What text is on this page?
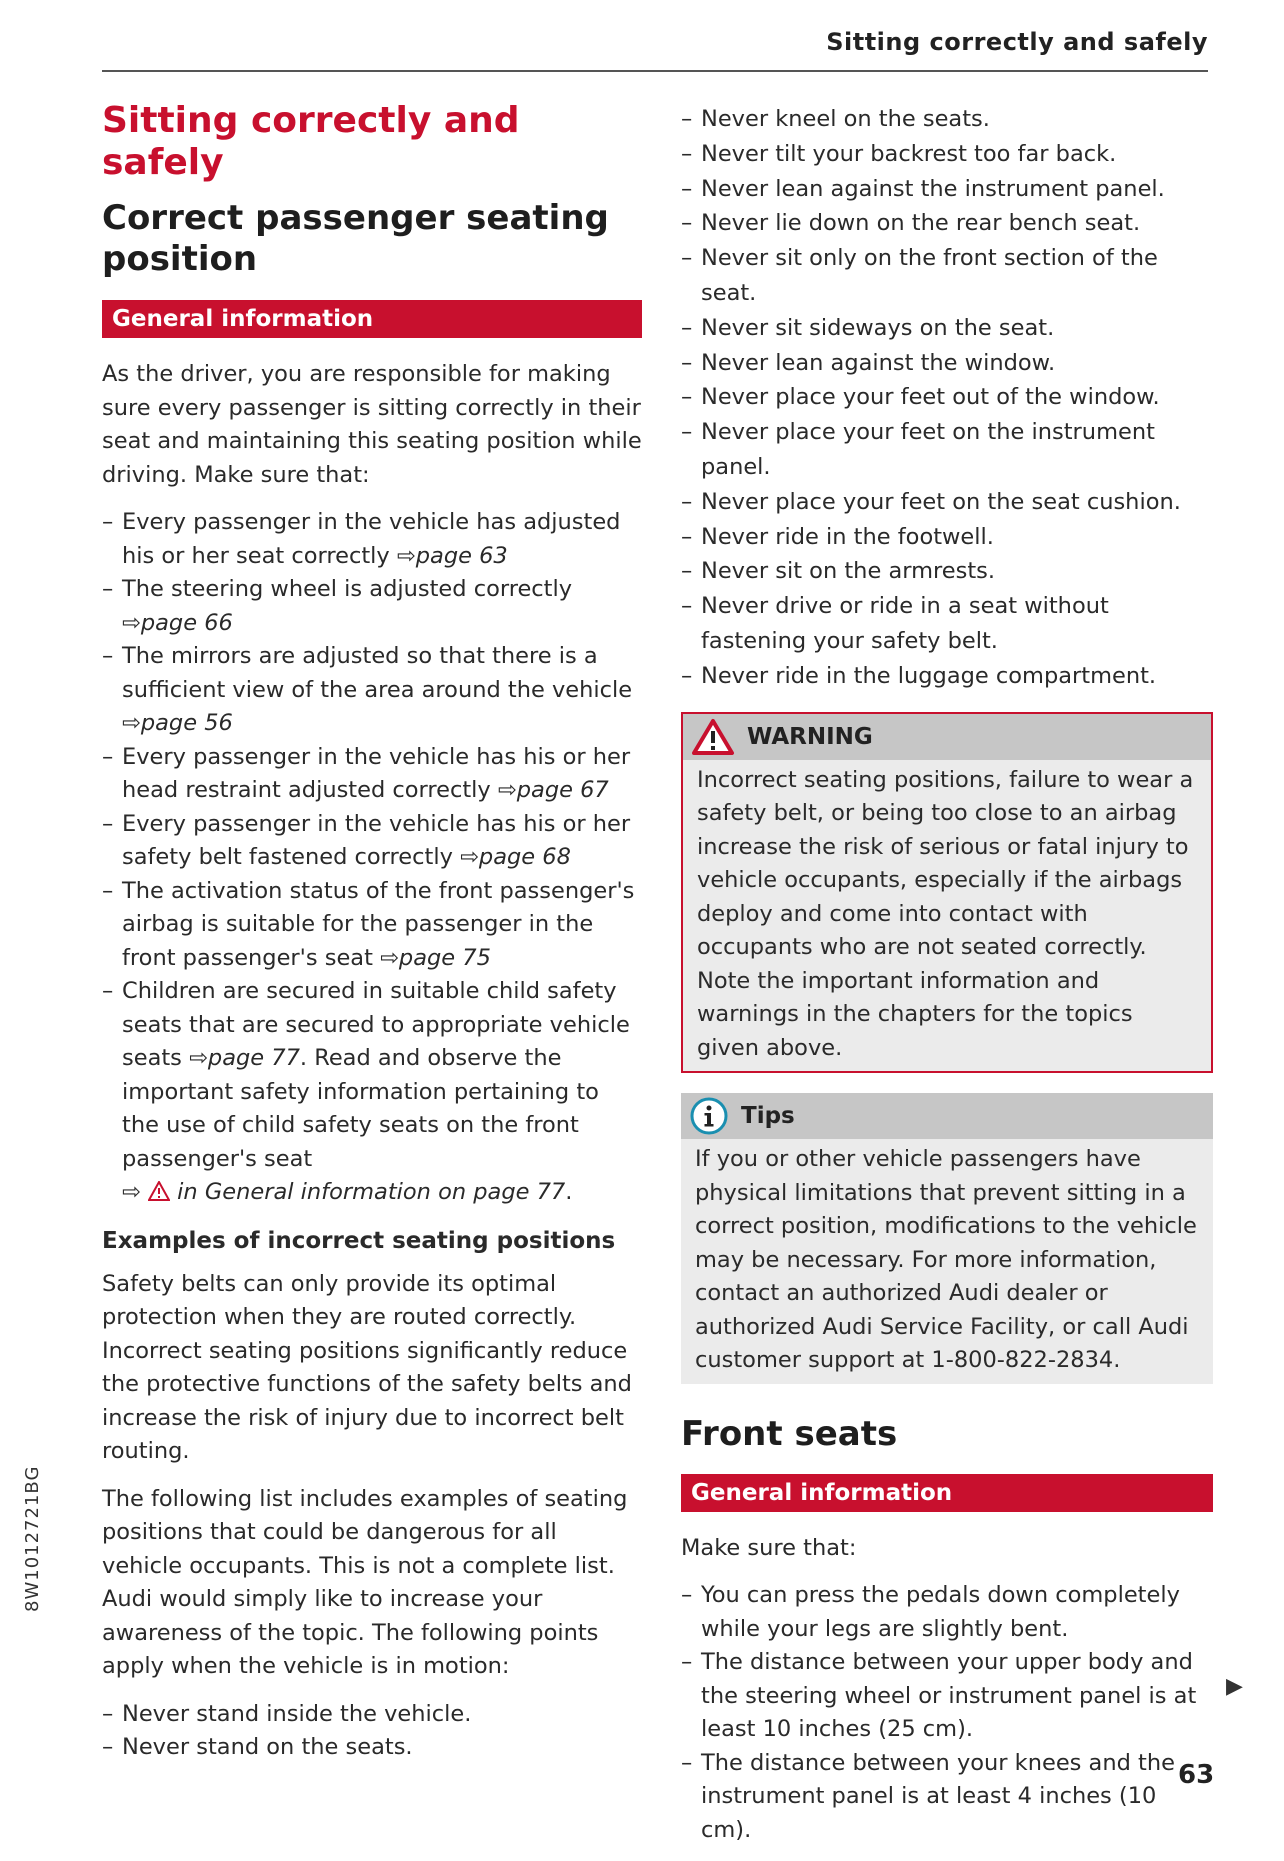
Sitting correctly and safely
Sitting correctly and safely
Correct passenger seating position
General information

As the driver, you are responsible for making sure every passenger is sitting correctly in their seat and maintaining this seating position while driving. Make sure that:

– Every passenger in the vehicle has adjusted his or her seat correctly ⇨page 63
– The steering wheel is adjusted correctly ⇨page 66
– The mirrors are adjusted so that there is a sufficient view of the area around the vehicle ⇨page 56
– Every passenger in the vehicle has his or her head restraint adjusted correctly ⇨page 67
– Every passenger in the vehicle has his or her safety belt fastened correctly ⇨page 68
– The activation status of the front passenger's airbag is suitable for the passenger in the front passenger's seat ⇨page 75
– Children are secured in suitable child safety seats that are secured to appropriate vehicle seats ⇨page 77. Read and observe the important safety information pertaining to the use of child safety seats on the front passenger's seat ⇨ in General information on page 77.
Examples of incorrect seating positions

Safety belts can only provide its optimal protection when they are routed correctly. Incorrect seating positions significantly reduce the protective functions of the safety belts and increase the risk of injury due to incorrect belt routing.

The following list includes examples of seating positions that could be dangerous for all vehicle occupants. This is not a complete list. Audi would simply like to increase your awareness of the topic. The following points apply when the vehicle is in motion:

– Never stand inside the vehicle.
– Never stand on the seats.
– Never kneel on the seats.
– Never tilt your backrest too far back.
– Never lean against the instrument panel.
– Never lie down on the rear bench seat.
– Never sit only on the front section of the seat.
– Never sit sideways on the seat.
– Never lean against the window.
– Never place your feet out of the window.
– Never place your feet on the instrument panel.
– Never place your feet on the seat cushion.
– Never ride in the footwell.
– Never sit on the armrests.
– Never drive or ride in a seat without fastening your safety belt.
– Never ride in the luggage compartment.
WARNING
Incorrect seating positions, failure to wear a safety belt, or being too close to an airbag increase the risk of serious or fatal injury to vehicle occupants, especially if the airbags deploy and come into contact with occupants who are not seated correctly. Note the important information and warnings in the chapters for the topics given above.
Tips
If you or other vehicle passengers have physical limitations that prevent sitting in a correct position, modifications to the vehicle may be necessary. For more information, contact an authorized Audi dealer or authorized Audi Service Facility, or call Audi customer support at 1-800-822-2834.
Front seats
General information

Make sure that:

– You can press the pedals down completely while your legs are slightly bent.
– The distance between your upper body and the steering wheel or instrument panel is at least 10 inches (25 cm).
– The distance between your knees and the instrument panel is at least 4 inches (10 cm).
▶
8W1012721BG
63
